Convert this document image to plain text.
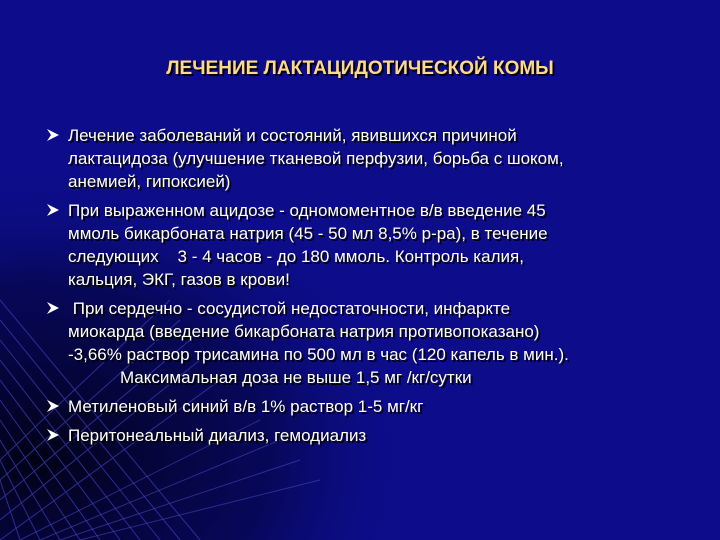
ЛЕЧЕНИЕ ЛАКТАЦИДОТИЧЕСКОЙ КОМЫ
Лечение заболеваний и состояний, явившихся причиной
лактацидоза (улучшение тканевой перфузии, борьба с шоком,
анемией, гипоксией)
При выраженном ацидозе - одномоментное в/в введение 45
ммоль бикарбоната натрия (45 - 50 мл 8,5% р-ра), в течение
следующих    3 - 4 часов - до 180 ммоль. Контроль калия,
кальция, ЭКГ, газов в крови!
При сердечно - сосудистой недостаточности, инфаркте
миокарда (введение бикарбоната натрия противопоказано)
-3,66% раствор трисамина по 500 мл в час (120 капель в мин.).
Максимальная доза не выше 1,5 мг /кг/сутки
Метиленовый синий в/в 1% раствор 1-5 мг/кг
Перитонеальный диализ, гемодиализ
